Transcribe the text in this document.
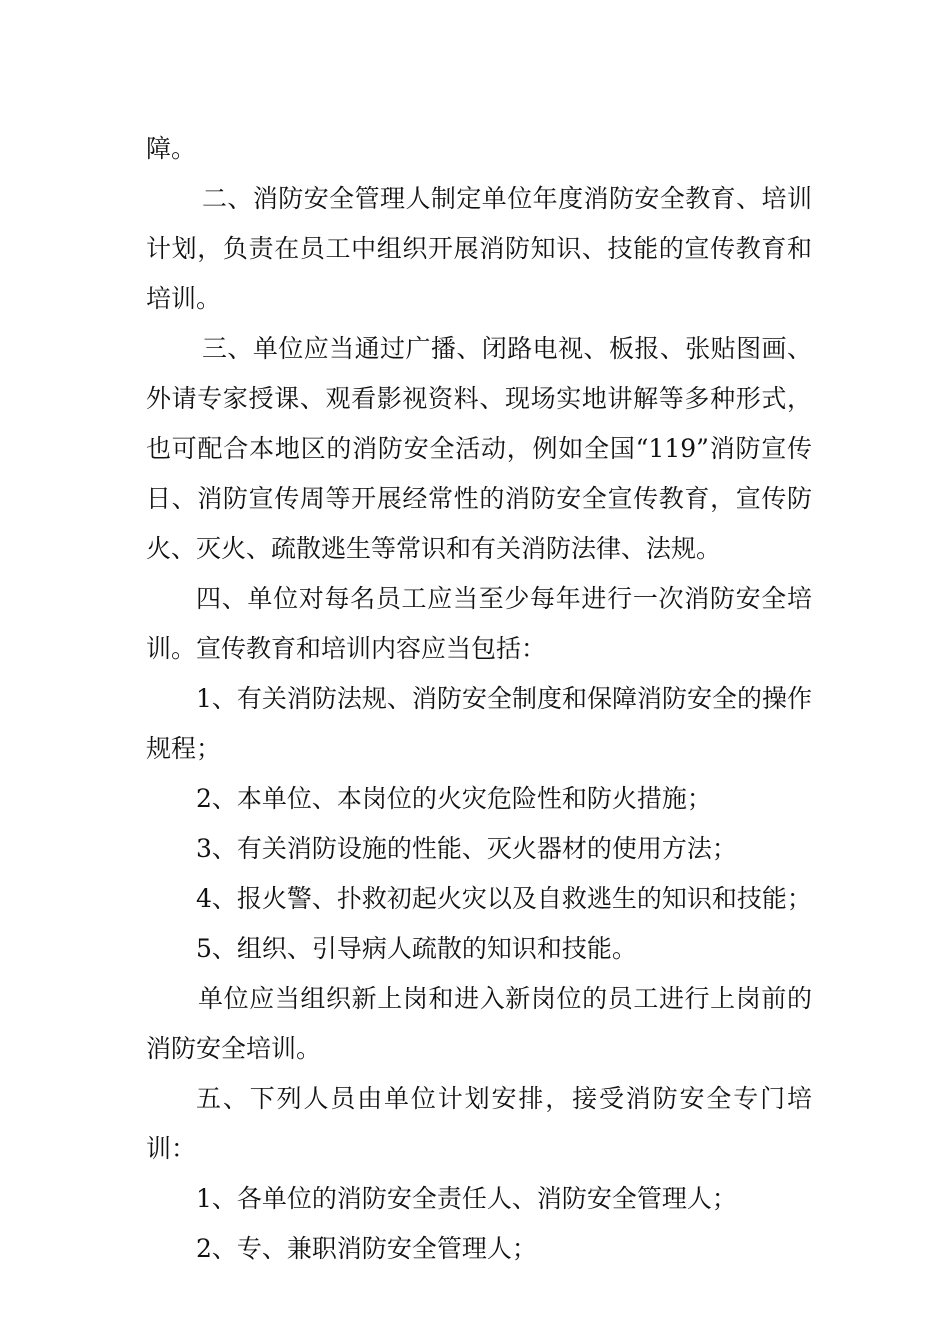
障。

二、消防安全管理人制定单位年度消防安全教育、培训计划，负责在员工中组织开展消防知识、技能的宣传教育和培训。

三、单位应当通过广播、闭路电视、板报、张贴图画、外请专家授课、观看影视资料、现场实地讲解等多种形式，也可配合本地区的消防安全活动，例如全国“119”消防宣传日、消防宣传周等开展经常性的消防安全宣传教育，宣传防火、灭火、疏散逃生等常识和有关消防法律、法规。

四、单位对每名员工应当至少每年进行一次消防安全培训。宣传教育和培训内容应当包括：

1、有关消防法规、消防安全制度和保障消防安全的操作规程；

2、本单位、本岗位的火灾危险性和防火措施；

3、有关消防设施的性能、灭火器材的使用方法；

4、报火警、扑救初起火灾以及自救逃生的知识和技能；

5、组织、引导病人疏散的知识和技能。

单位应当组织新上岗和进入新岗位的员工进行上岗前的消防安全培训。

五、下列人员由单位计划安排，接受消防安全专门培训：

1、各单位的消防安全责任人、消防安全管理人；

2、专、兼职消防安全管理人；
